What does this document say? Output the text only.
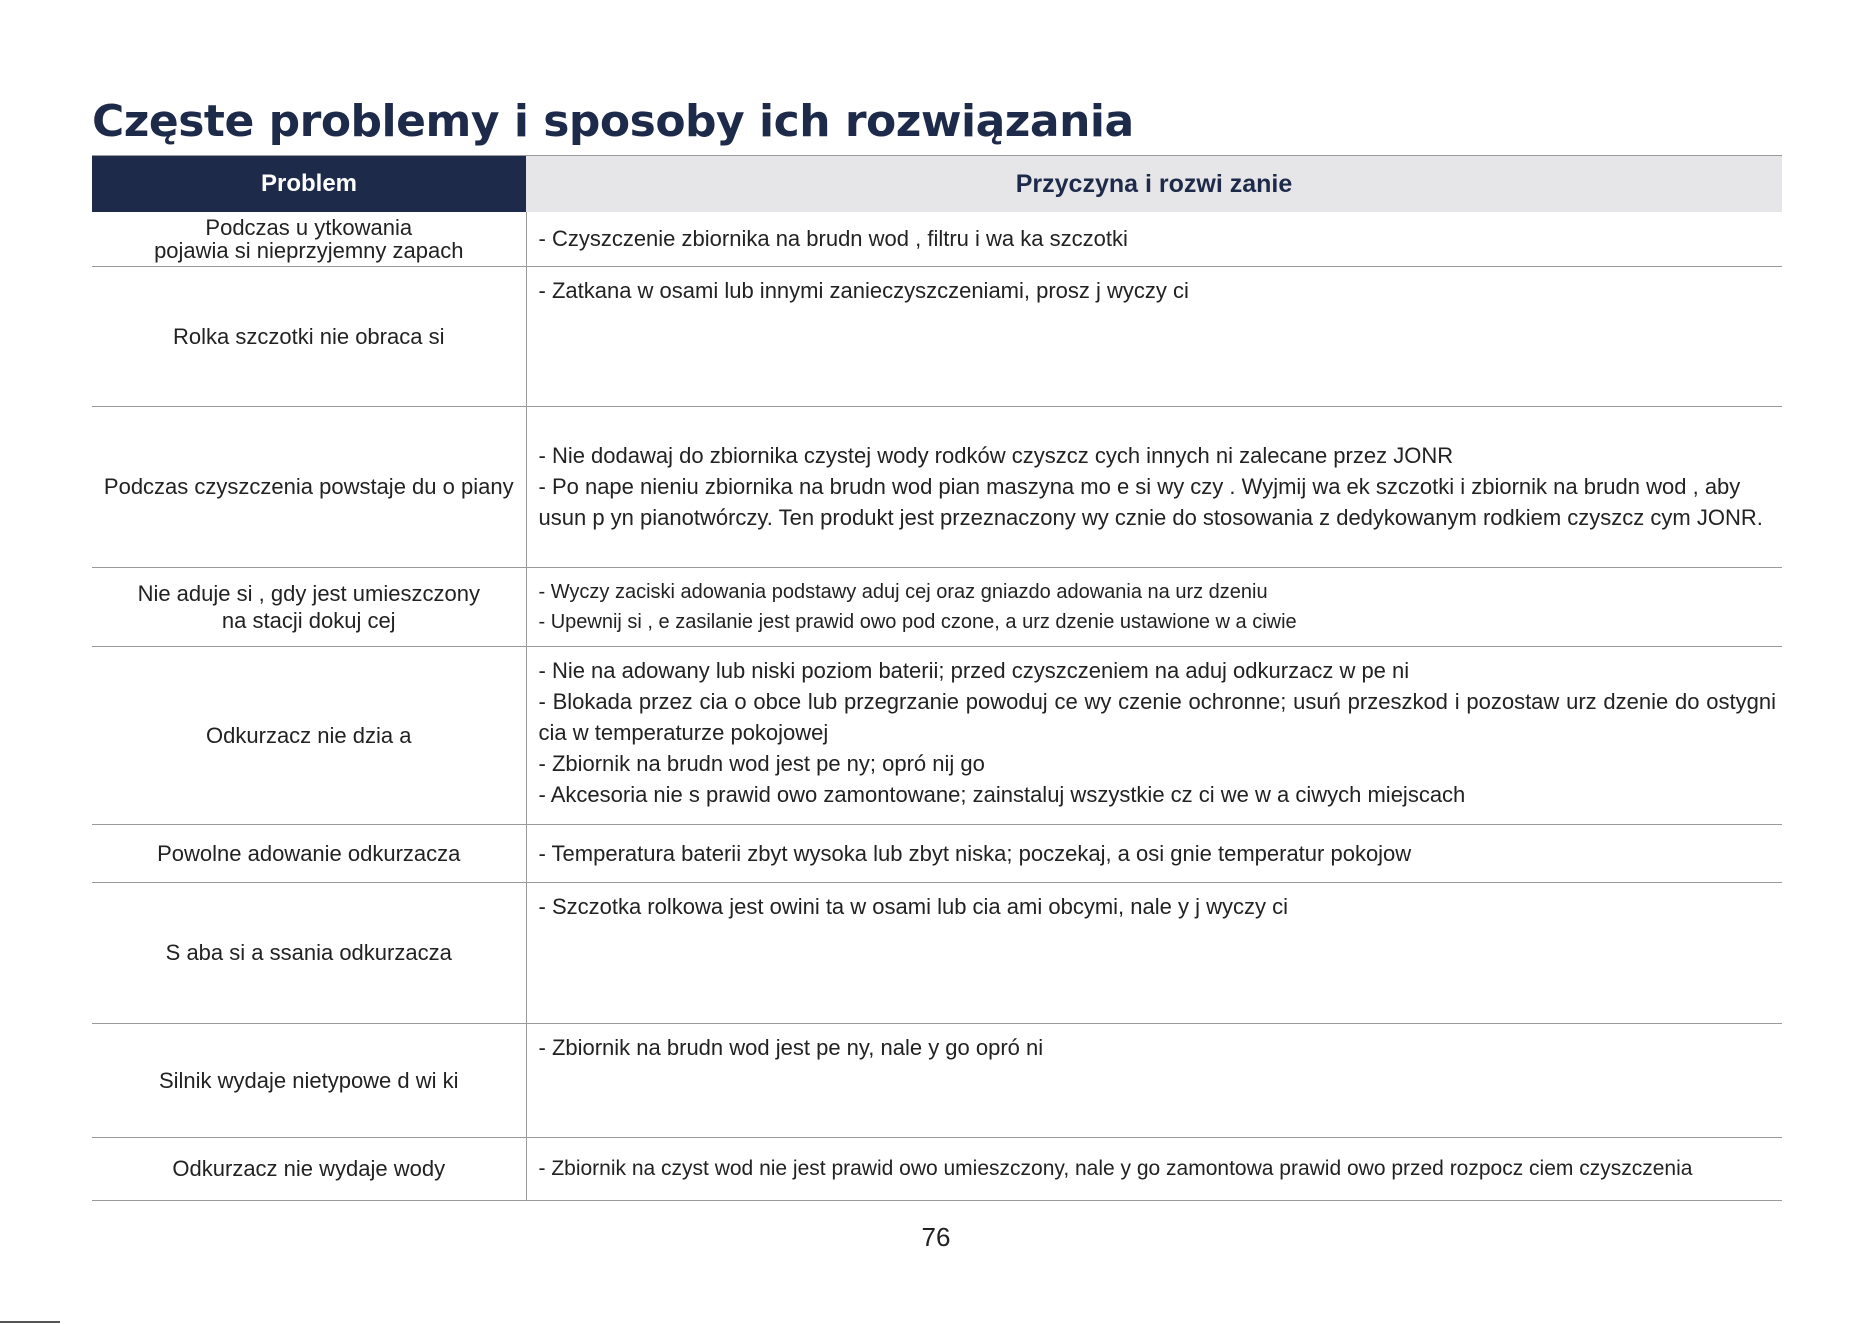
Częste problemy i sposoby ich rozwiązania
Problem	Przyczyna i rozwi zanie

Podczas u ytkowania
pojawia si nieprzyjemny zapach	- Czyszczenie zbiornika na brudn wod , filtru i wa ka szczotki

Rolka szczotki nie obraca si	- Zatkana w osami lub innymi zanieczyszczeniami, prosz j wyczy ci

Podczas czyszczenia powstaje du o piany	- Nie dodawaj do zbiornika czystej wody rodków czyszcz cych innych ni zalecane przez JONR
- Po nape nieniu zbiornika na brudn wod pian maszyna mo e si wy czy . Wyjmij wa ek szczotki i zbiornik na brudn wod , aby usun p yn pianotwórczy. Ten produkt jest przeznaczony wy cznie do stosowania z dedykowanym rodkiem czyszcz cym JONR.

Nie aduje si , gdy jest umieszczony
na stacji dokuj cej	- Wyczy zaciski adowania podstawy aduj cej oraz gniazdo adowania na urz dzeniu
- Upewnij si , e zasilanie jest prawid owo pod czone, a urz dzenie ustawione w a ciwie

Odkurzacz nie dzia a	- Nie na adowany lub niski poziom baterii; przed czyszczeniem na aduj odkurzacz w pe ni
- Blokada przez cia o obce lub przegrzanie powoduj ce wy czenie ochronne; usuń przeszkod i pozostaw urz dzenie do ostygni cia w temperaturze pokojowej
- Zbiornik na brudn wod jest pe ny; opró nij go
- Akcesoria nie s prawid owo zamontowane; zainstaluj wszystkie cz ci we w a ciwych miejscach

Powolne adowanie odkurzacza	- Temperatura baterii zbyt wysoka lub zbyt niska; poczekaj, a osi gnie temperatur pokojow

S aba si a ssania odkurzacza	- Szczotka rolkowa jest owini ta w osami lub cia ami obcymi, nale y j wyczy ci

Silnik wydaje nietypowe d wi ki	- Zbiornik na brudn wod jest pe ny, nale y go opró ni

Odkurzacz nie wydaje wody	- Zbiornik na czyst wod nie jest prawid owo umieszczony, nale y go zamontowa prawid owo przed rozpocz ciem czyszczenia
76
